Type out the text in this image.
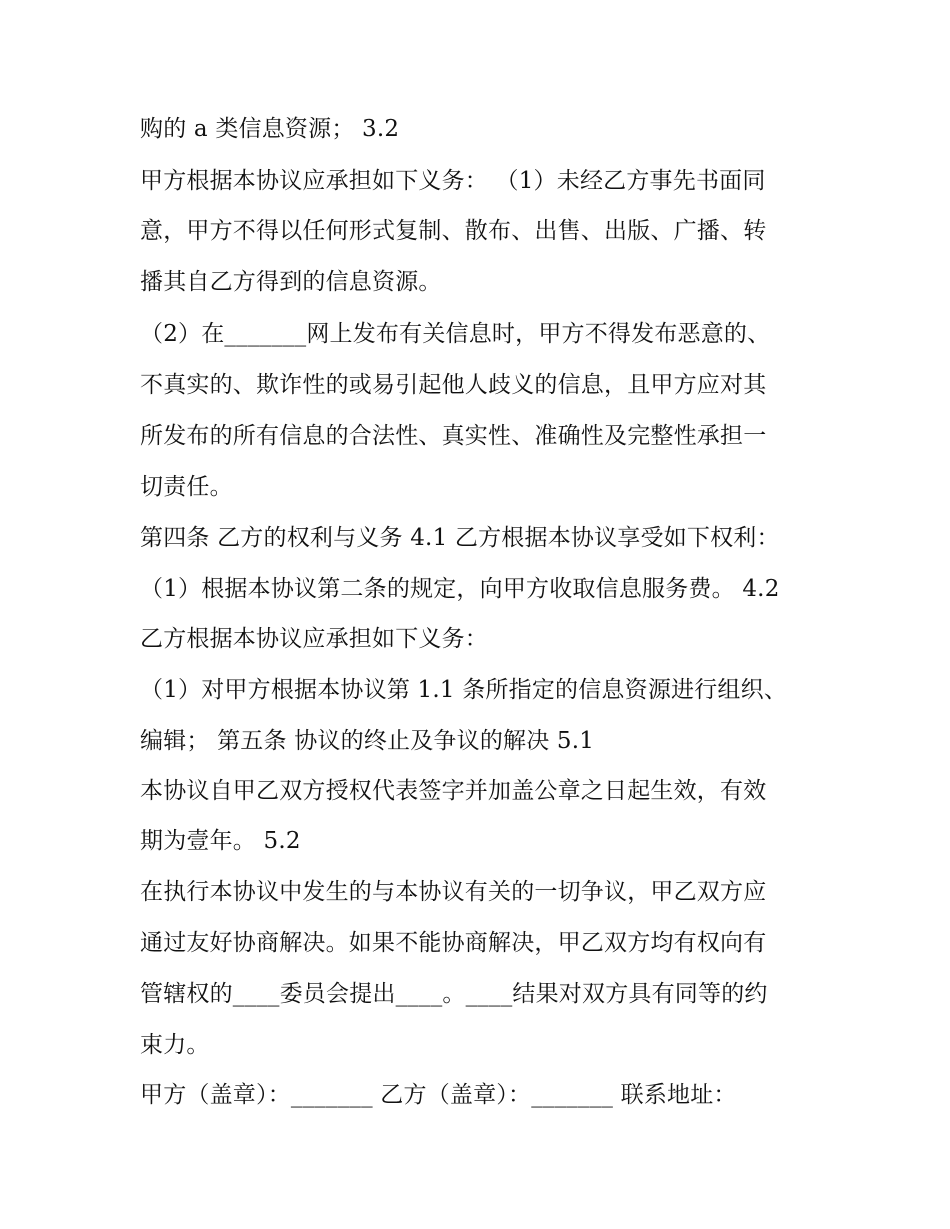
购的 a 类信息资源； 3.2
甲方根据本协议应承担如下义务： （1）未经乙方事先书面同
意，甲方不得以任何形式复制、散布、出售、出版、广播、转
播其自乙方得到的信息资源。
（2）在_______网上发布有关信息时，甲方不得发布恶意的、
不真实的、欺诈性的或易引起他人歧义的信息，且甲方应对其
所发布的所有信息的合法性、真实性、准确性及完整性承担一
切责任。
第四条 乙方的权利与义务 4.1 乙方根据本协议享受如下权利：
（1）根据本协议第二条的规定，向甲方收取信息服务费。 4.2
乙方根据本协议应承担如下义务：
（1）对甲方根据本协议第 1.1 条所指定的信息资源进行组织、
编辑； 第五条 协议的终止及争议的解决 5.1
本协议自甲乙双方授权代表签字并加盖公章之日起生效，有效
期为壹年。 5.2
在执行本协议中发生的与本协议有关的一切争议，甲乙双方应
通过友好协商解决。如果不能协商解决，甲乙双方均有权向有
管辖权的____委员会提出____。____结果对双方具有同等的约
束力。
甲方（盖章）：_______ 乙方（盖章）：_______ 联系地址：
